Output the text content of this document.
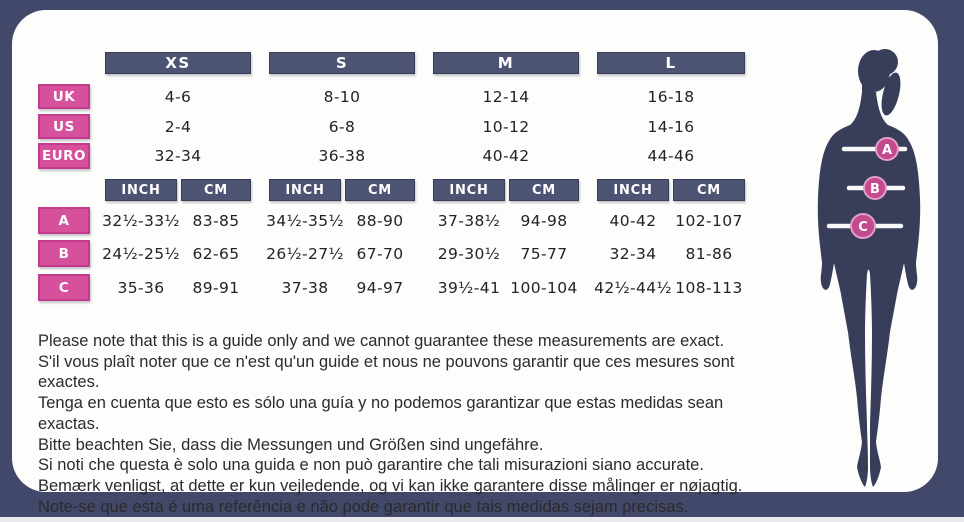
XS	S	M	L
UK	4-6	8-10	12-14	16-18
US	2-4	6-8	10-12	14-16
EURO	32-34	36-38	40-42	44-46
INCH	CM	INCH	CM	INCH	CM	INCH	CM
A	32½-33½ 83-85	34½-35½ 88-90	37-38½	94-98	40-42	102-107
B	24½-25½ 62-65	26½-27½ 67-70	29-30½	75-77	32-34	81-86
C	35-36	89-91	37-38	94-97	39½-41 100-104 42½-44½ 108-113
Please note that this is a guide only and we cannot guarantee these measurements are exact.
S'il vous plaît noter que ce n'est qu'un guide et nous ne pouvons garantir que ces mesures sont exactes.
Tenga en cuenta que esto es sólo una guía y no podemos garantizar que estas medidas sean exactas.
Bitte beachten Sie, dass die Messungen und Größen sind ungefähre.
Si noti che questa è solo una guida e non può garantire che tali misurazioni siano accurate.
Bemærk venligst, at dette er kun vejledende, og vi kan ikke garantere disse målinger er nøjagtig.
Note-se que esta é uma referência e não pode garantir que tais medidas sejam precisas.
A
B
C
